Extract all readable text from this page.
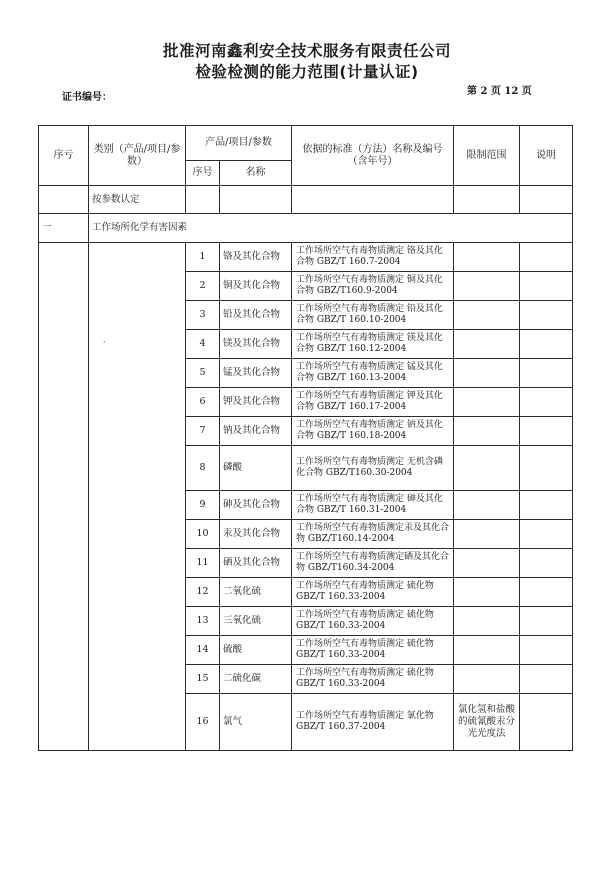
批准河南鑫利安全技术服务有限责任公司
检验检测的能力范围(计量认证)
证书编号：
第 2 页 12 页
序亏	类别（产品/项目/参数）	产品/项目/参数		依据的标准（方法）名称及编号（含年号）	限制范围	说明
		序号	名称			
	按参数认定					
一	工作场所化学有害因素					
		1	铬及其化合物	工作场所空气有毒物质测定 铬及其化合物 GBZ/T 160.7-2004		
		2	铜及其化合物	工作场所空气有毒物质测定 铜及其化合物 GBZ/T160.9-2004		
		3	铅及其化合物	工作场所空气有毒物质测定 铅及其化合物 GBZ/T 160.10-2004		
		4	镁及其化合物	工作场所空气有毒物质测定 镁及其化合物 GBZ/T 160.12-2004		
		5	锰及其化合物	工作场所空气有毒物质测定 锰及其化合物 GBZ/T 160.13-2004		
		6	钾及其化合物	工作场所空气有毒物质测定 钾及其化合物 GBZ/T 160.17-2004		
		7	钠及其化合物	工作场所空气有毒物质测定 钠及其化合物 GBZ/T 160.18-2004		
		8	磷酸	工作场所空气有毒物质测定 无机含磷化合物 GBZ/T160.30-2004		
		9	砷及其化合物	工作场所空气有毒物质测定 砷及其化合物 GBZ/T 160.31-2004		
		10	汞及其化合物	工作场所空气有毒物质测定汞及其化合物 GBZ/T160.14-2004		
		11	硒及其化合物	工作场所空气有毒物质测定硒及其化合物 GBZ/T160.34-2004		
		12	二氧化硫	工作场所空气有毒物质测定 硫化物 GBZ/T 160.33-2004		
		13	三氧化硫	工作场所空气有毒物质测定 硫化物 GBZ/T 160.33-2004		
		14	硫酸	工作场所空气有毒物质测定 硫化物 GBZ/T 160.33-2004		
		15	二硫化碳	工作场所空气有毒物质测定 硫化物 GBZ/T 160.33-2004		
		16	氯气	工作场所空气有毒物质测定 氯化物 GBZ/T 160.37-2004	氯化氢和盐酸的硫氰酸汞分光光度法	
,
